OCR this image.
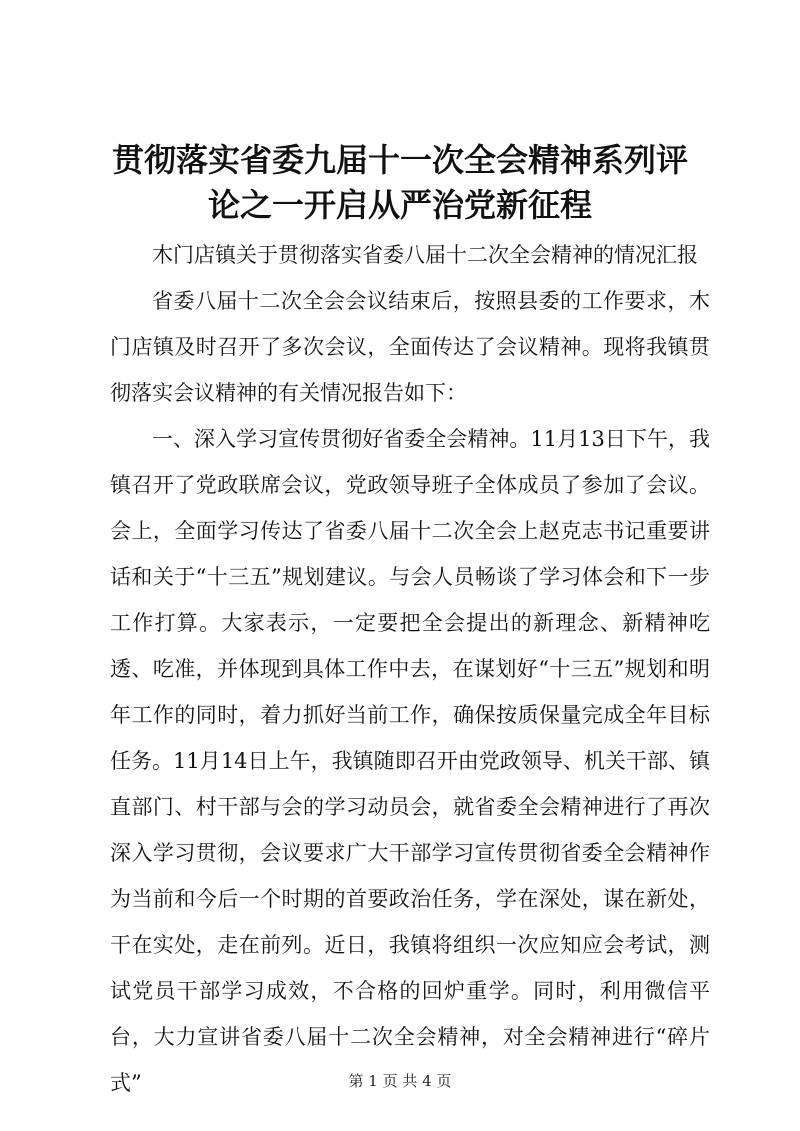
贯彻落实省委九届十一次全会精神系列评论之一开启从严治党新征程

木门店镇关于贯彻落实省委八届十二次全会精神的情况汇报

省委八届十二次全会会议结束后，按照县委的工作要求，木门店镇及时召开了多次会议，全面传达了会议精神。现将我镇贯彻落实会议精神的有关情况报告如下：

一、深入学习宣传贯彻好省委全会精神。11月13日下午，我镇召开了党政联席会议，党政领导班子全体成员了参加了会议。会上，全面学习传达了省委八届十二次全会上赵克志书记重要讲话和关于“十三五”规划建议。与会人员畅谈了学习体会和下一步工作打算。大家表示，一定要把全会提出的新理念、新精神吃透、吃准，并体现到具体工作中去，在谋划好“十三五”规划和明年工作的同时，着力抓好当前工作，确保按质保量完成全年目标任务。11月14日上午，我镇随即召开由党政领导、机关干部、镇直部门、村干部与会的学习动员会，就省委全会精神进行了再次深入学习贯彻，会议要求广大干部学习宣传贯彻省委全会精神作为当前和今后一个时期的首要政治任务，学在深处，谋在新处，干在实处，走在前列。近日，我镇将组织一次应知应会考试，测试党员干部学习成效，不合格的回炉重学。同时，利用微信平台，大力宣讲省委八届十二次全会精神，对全会精神进行“碎片式”	第 1 页 共 4 页
